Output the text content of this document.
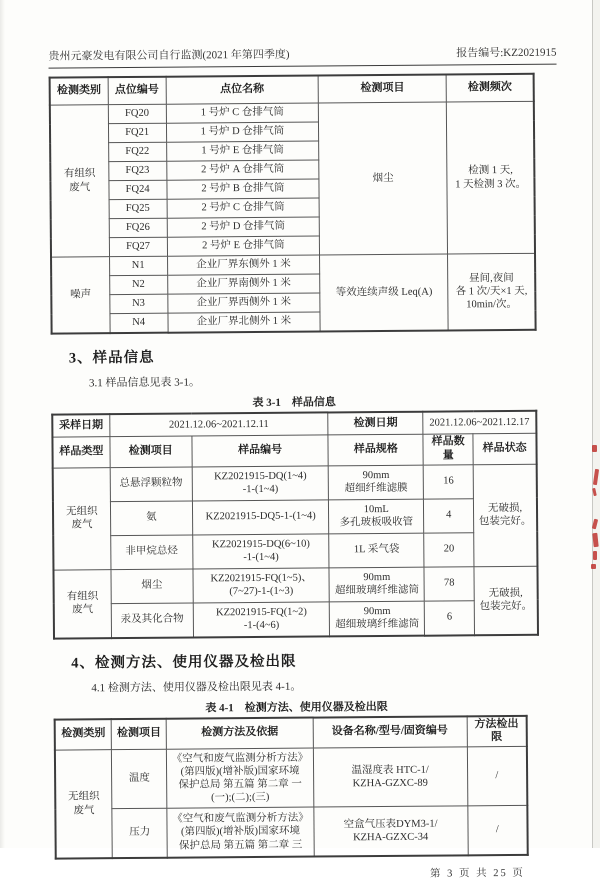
贵州元豪发电有限公司自行监测(2021 年第四季度)	报告编号:KZ2021915
检测类别	点位编号	点位名称	检测项目	检测频次
有组织
废气	FQ20	1 号炉 C 仓排气筒	烟尘	检测 1 天,
1 天检测 3 次。
	FQ21	1 号炉 D 仓排气筒		
	FQ22	1 号炉 E 仓排气筒		
	FQ23	2 号炉 A 仓排气筒		
	FQ24	2 号炉 B 仓排气筒		
	FQ25	2 号炉 C 仓排气筒		
	FQ26	2 号炉 D 仓排气筒		
	FQ27	2 号炉 E 仓排气筒		
噪声	N1	企业厂界东侧外 1 米	等效连续声级 Leq(A)	昼间,夜间
各 1 次/天×1 天,
10min/次。
	N2	企业厂界南侧外 1 米		
	N3	企业厂界西侧外 1 米		
	N4	企业厂界北侧外 1 米		
3、样品信息
3.1 样品信息见表 3-1。
表 3-1　样品信息
采样日期	2021.12.06~2021.12.11		检测日期	2021.12.06~2021.12.17	
样品类型	检测项目	样品编号	样品规格	样品数量	样品状态
无组织
废气	总悬浮颗粒物	KZ2021915-DQ(1~4)
-1-(1~4)	90mm
超细纤维滤膜	16	无破损,
包装完好。
	氨	KZ2021915-DQ5-1-(1~4)	10mL
多孔玻板吸收管	4	
	非甲烷总烃	KZ2021915-DQ(6~10)
-1-(1~4)	1L 采气袋	20	
有组织
废气	烟尘	KZ2021915-FQ(1~5)、
(7~27)-1-(1~3)	90mm
超细玻璃纤维滤筒	78	无破损,
包装完好。
	汞及其化合物	KZ2021915-FQ(1~2)
-1-(4~6)	90mm
超细玻璃纤维滤筒	6	
4、检测方法、使用仪器及检出限
4.1 检测方法、使用仪器及检出限见表 4-1。
表 4-1　检测方法、使用仪器及检出限
检测类别	检测项目	检测方法及依据	设备名称/型号/固资编号	方法检出限
无组织
废气	温度	《空气和废气监测分析方法》
(第四版)(增补版)国家环境
保护总局 第五篇 第二章 一
(一);(二);(三)	温湿度表 HTC-1/
KZHA-GZXC-89	/
	压力	《空气和废气监测分析方法》
(第四版)(增补版)国家环境
保护总局 第五篇 第二章 三	空盒气压表DYM3-1/
KZHA-GZXC-34	/
第 3 页 共 25 页
